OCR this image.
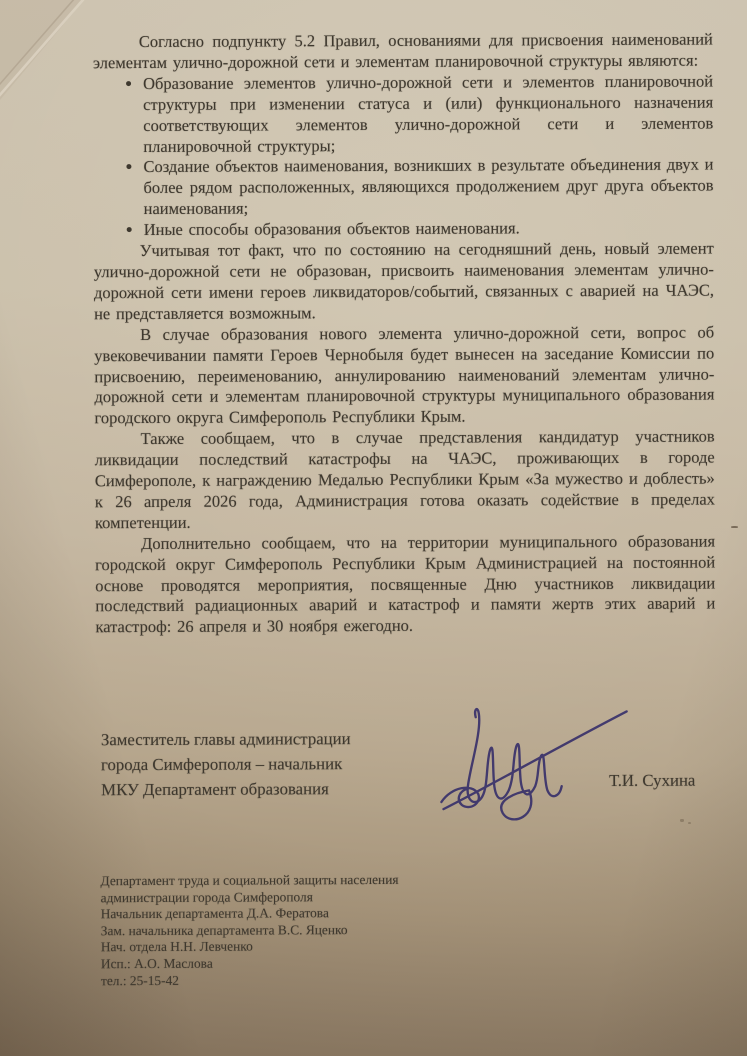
Согласно подпункту 5.2 Правил, основаниями для присвоения наименований элементам улично-дорожной сети и элементам планировочной структуры являются:

• Образование элементов улично-дорожной сети и элементов планировочной структуры при изменении статуса и (или) функционального назначения соответствующих элементов улично-дорожной сети и элементов планировочной структуры;
• Создание объектов наименования, возникших в результате объединения двух и более рядом расположенных, являющихся продолжением друг друга объектов наименования;
• Иные способы образования объектов наименования.

Учитывая тот факт, что по состоянию на сегодняшний день, новый элемент улично-дорожной сети не образован, присвоить наименования элементам улично-дорожной сети имени героев ликвидаторов/событий, связанных с аварией на ЧАЭС, не представляется возможным.

В случае образования нового элемента улично-дорожной сети, вопрос об увековечивании памяти Героев Чернобыля будет вынесен на заседание Комиссии по присвоению, переименованию, аннулированию наименований элементам улично-дорожной сети и элементам планировочной структуры муниципального образования городского округа Симферополь Республики Крым.

Также сообщаем, что в случае представления кандидатур участников ликвидации последствий катастрофы на ЧАЭС, проживающих в городе Симферополе, к награждению Медалью Республики Крым «За мужество и доблесть» к 26 апреля 2026 года, Администрация готова оказать содействие в пределах компетенции.

Дополнительно сообщаем, что на территории муниципального образования городской округ Симферополь Республики Крым Администрацией на постоянной основе проводятся мероприятия, посвященные Дню участников ликвидации последствий радиационных аварий и катастроф и памяти жертв этих аварий и катастроф: 26 апреля и 30 ноября ежегодно.

Заместитель главы администрации
города Симферополя – начальник
МКУ Департамент образования	Т.И. Сухина
Департамент труда и социальной защиты населения
администрации города Симферополя
Начальник департамента Д.А. Фератова
Зам. начальника департамента В.С. Яценко
Нач. отдела Н.Н. Левченко
Исп.: А.О. Маслова
тел.: 25-15-42
